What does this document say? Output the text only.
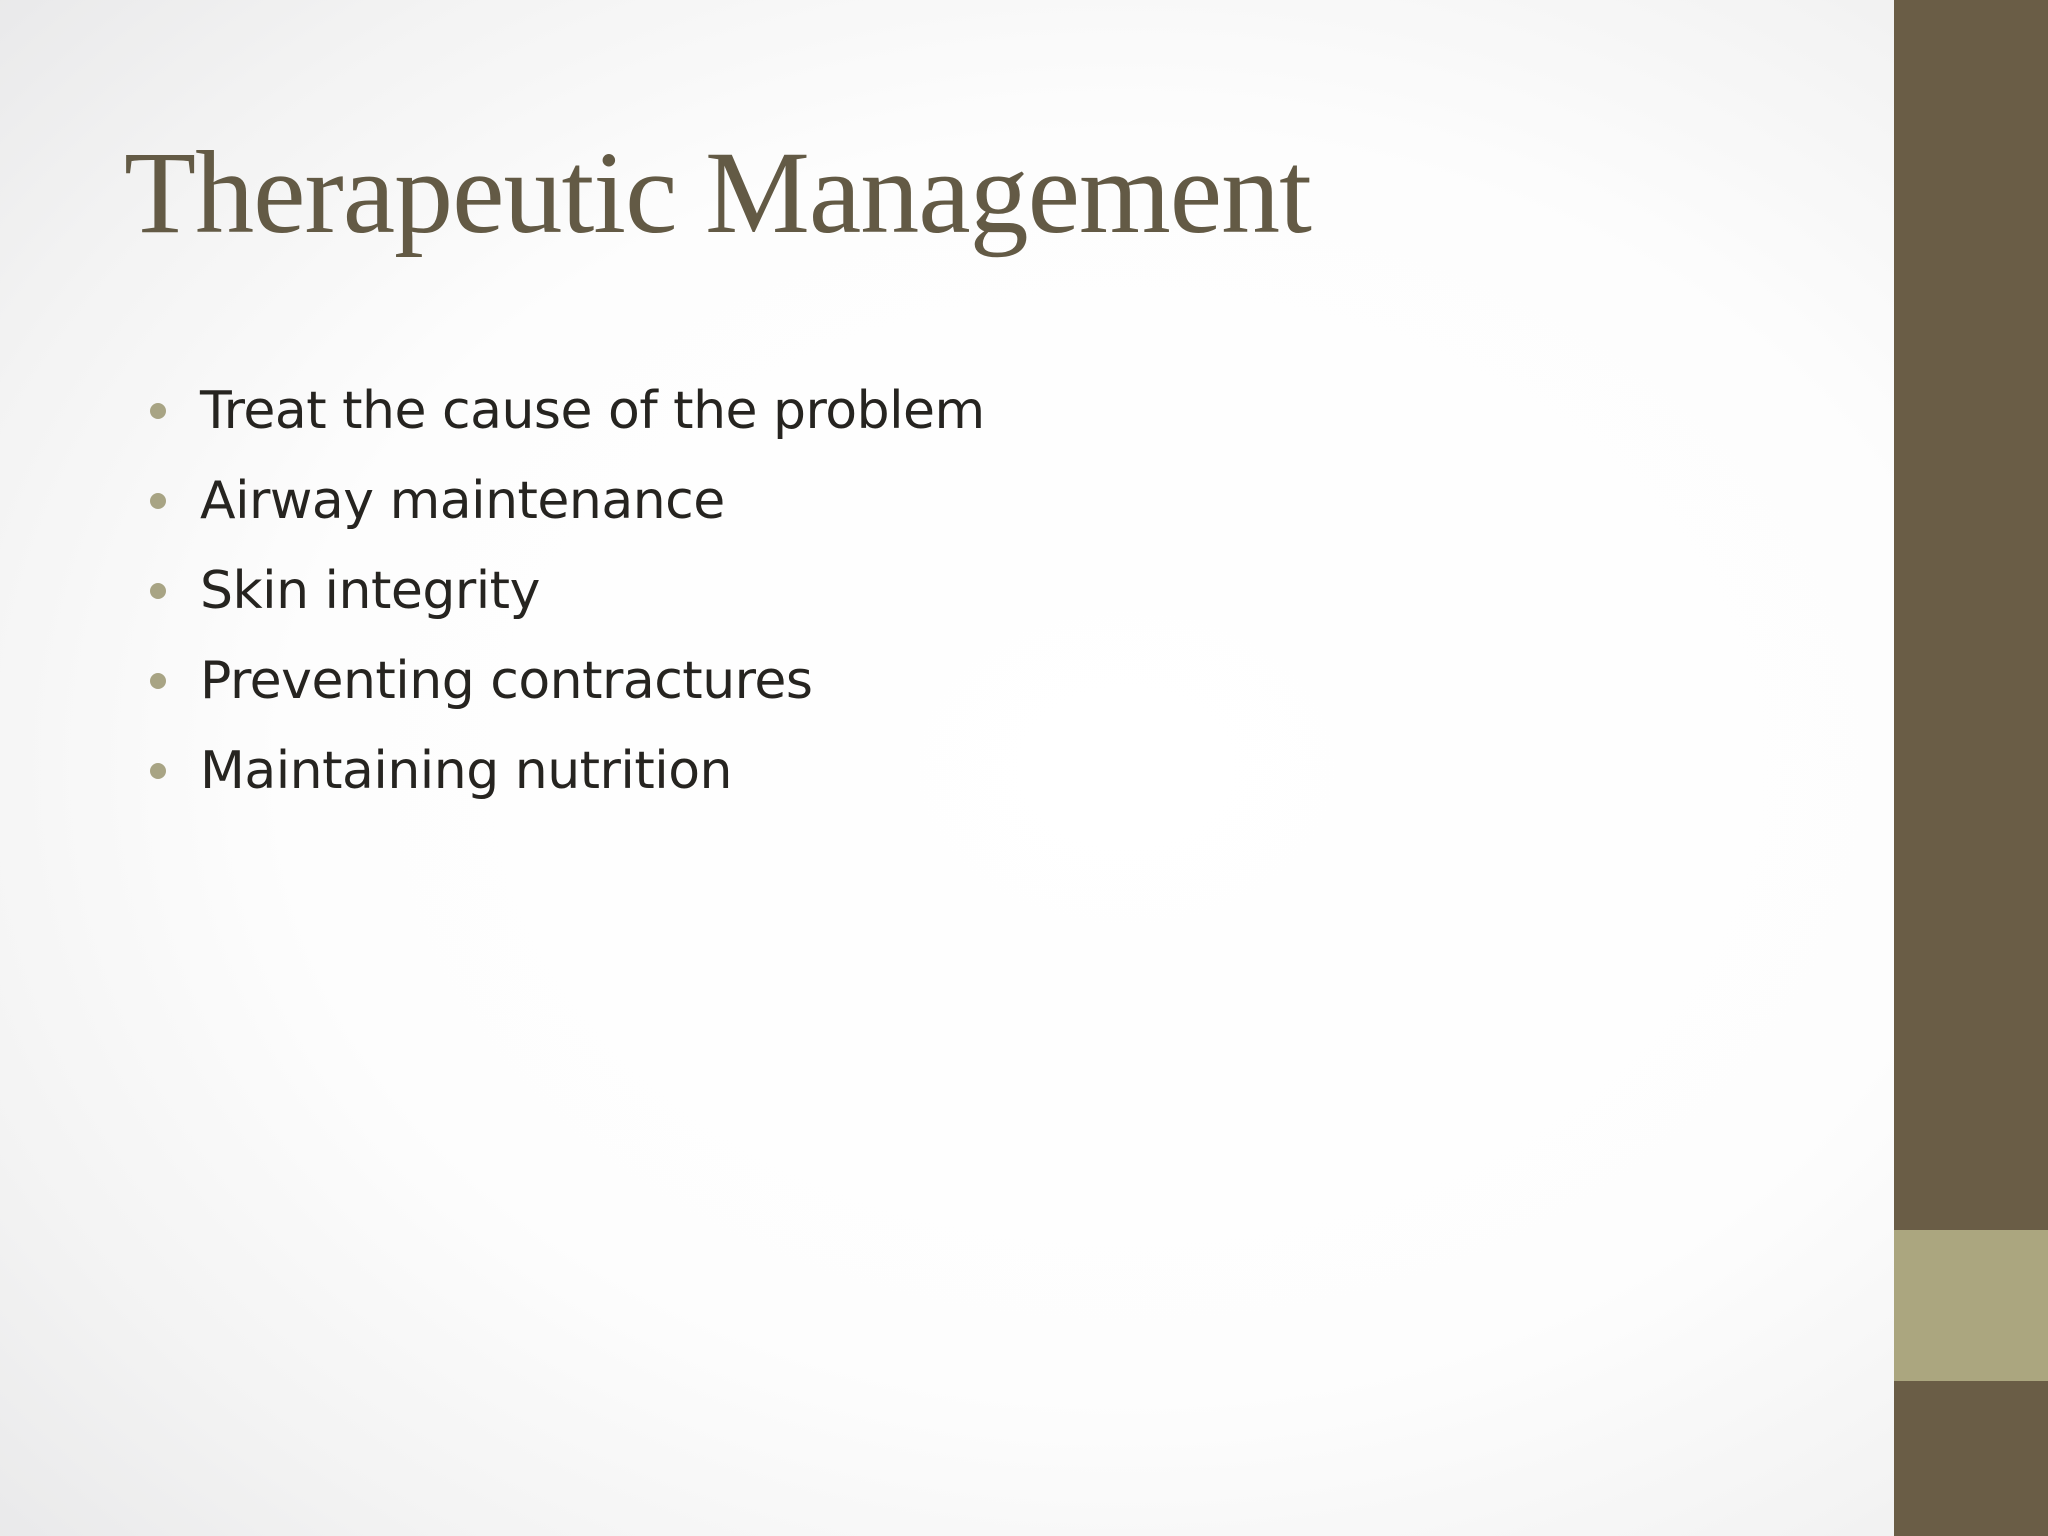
Therapeutic Management
Treat the cause of the problem
Airway maintenance
Skin integrity
Preventing contractures
Maintaining nutrition
